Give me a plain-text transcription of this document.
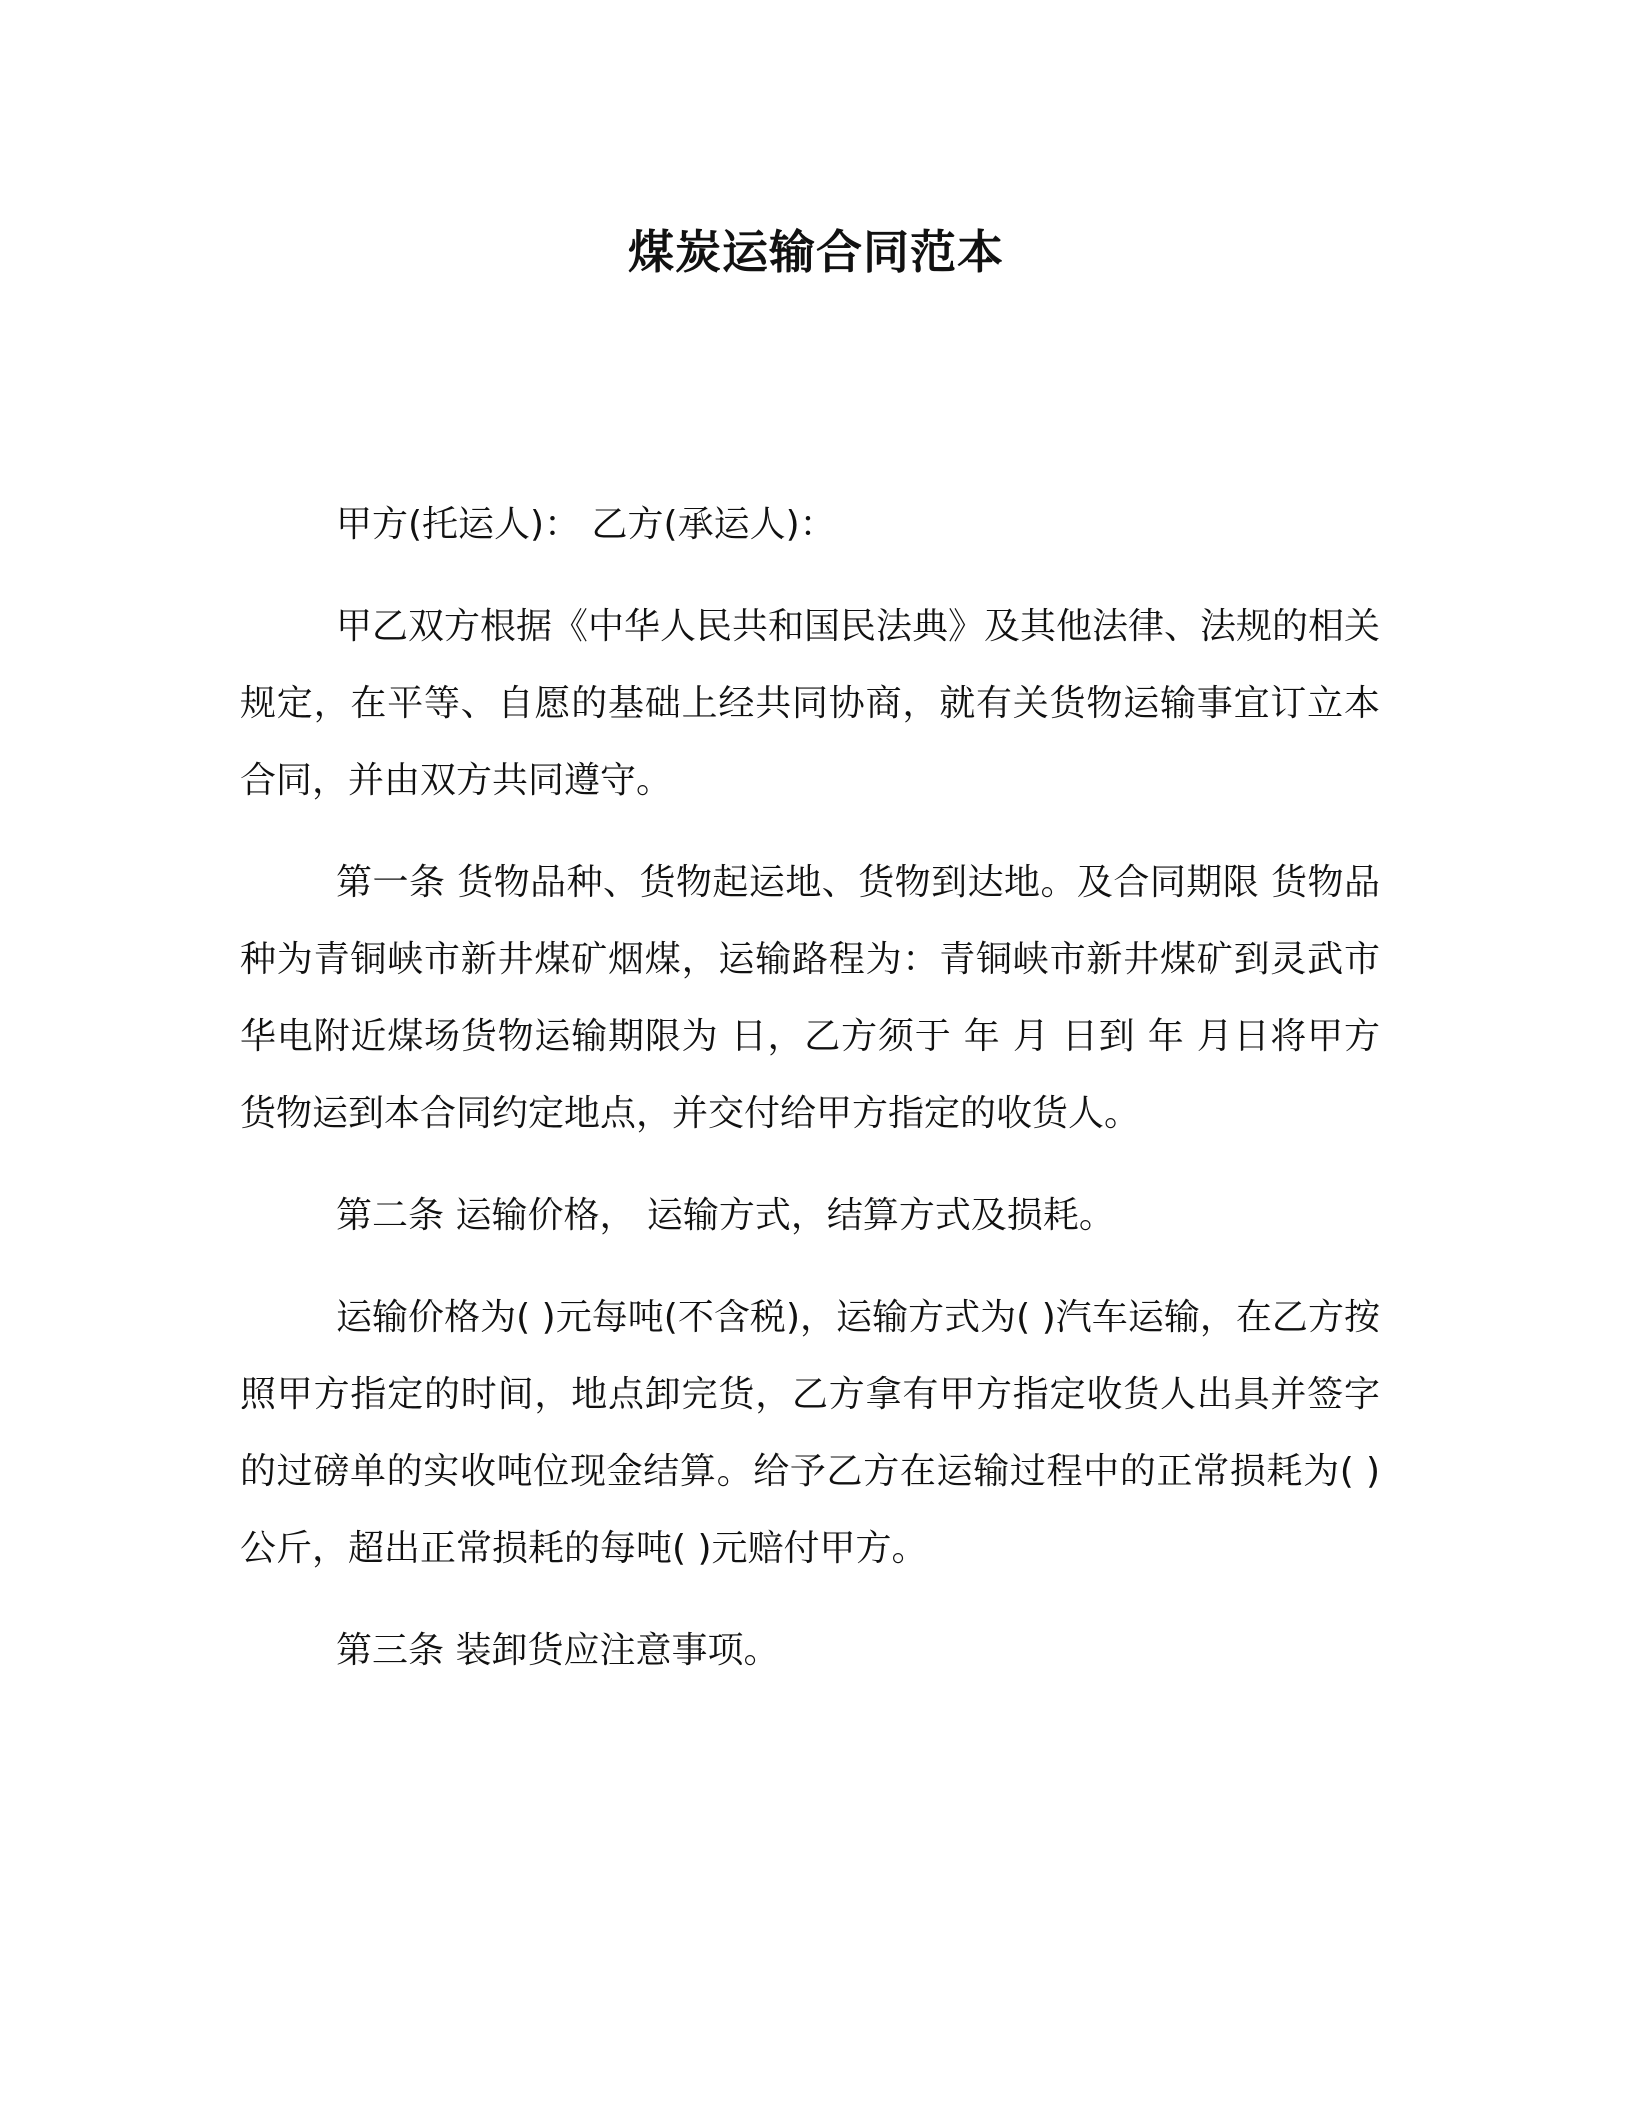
煤炭运输合同范本

甲方(托运人)： 乙方(承运人)：

甲乙双方根据《中华人民共和国民法典》及其他法律、法规的相关规定，在平等、自愿的基础上经共同协商，就有关货物运输事宜订立本合同，并由双方共同遵守。

第一条 货物品种、货物起运地、货物到达地。及合同期限 货物品种为青铜峡市新井煤矿烟煤，运输路程为：青铜峡市新井煤矿到灵武市华电附近煤场货物运输期限为 日，乙方须于 年 月 日到 年 月日将甲方货物运到本合同约定地点，并交付给甲方指定的收货人。

第二条 运输价格， 运输方式，结算方式及损耗。

运输价格为( )元每吨(不含税)，运输方式为( )汽车运输，在乙方按照甲方指定的时间，地点卸完货，乙方拿有甲方指定收货人出具并签字的过磅单的实收吨位现金结算。给予乙方在运输过程中的正常损耗为( )公斤，超出正常损耗的每吨( )元赔付甲方。

第三条 装卸货应注意事项。
